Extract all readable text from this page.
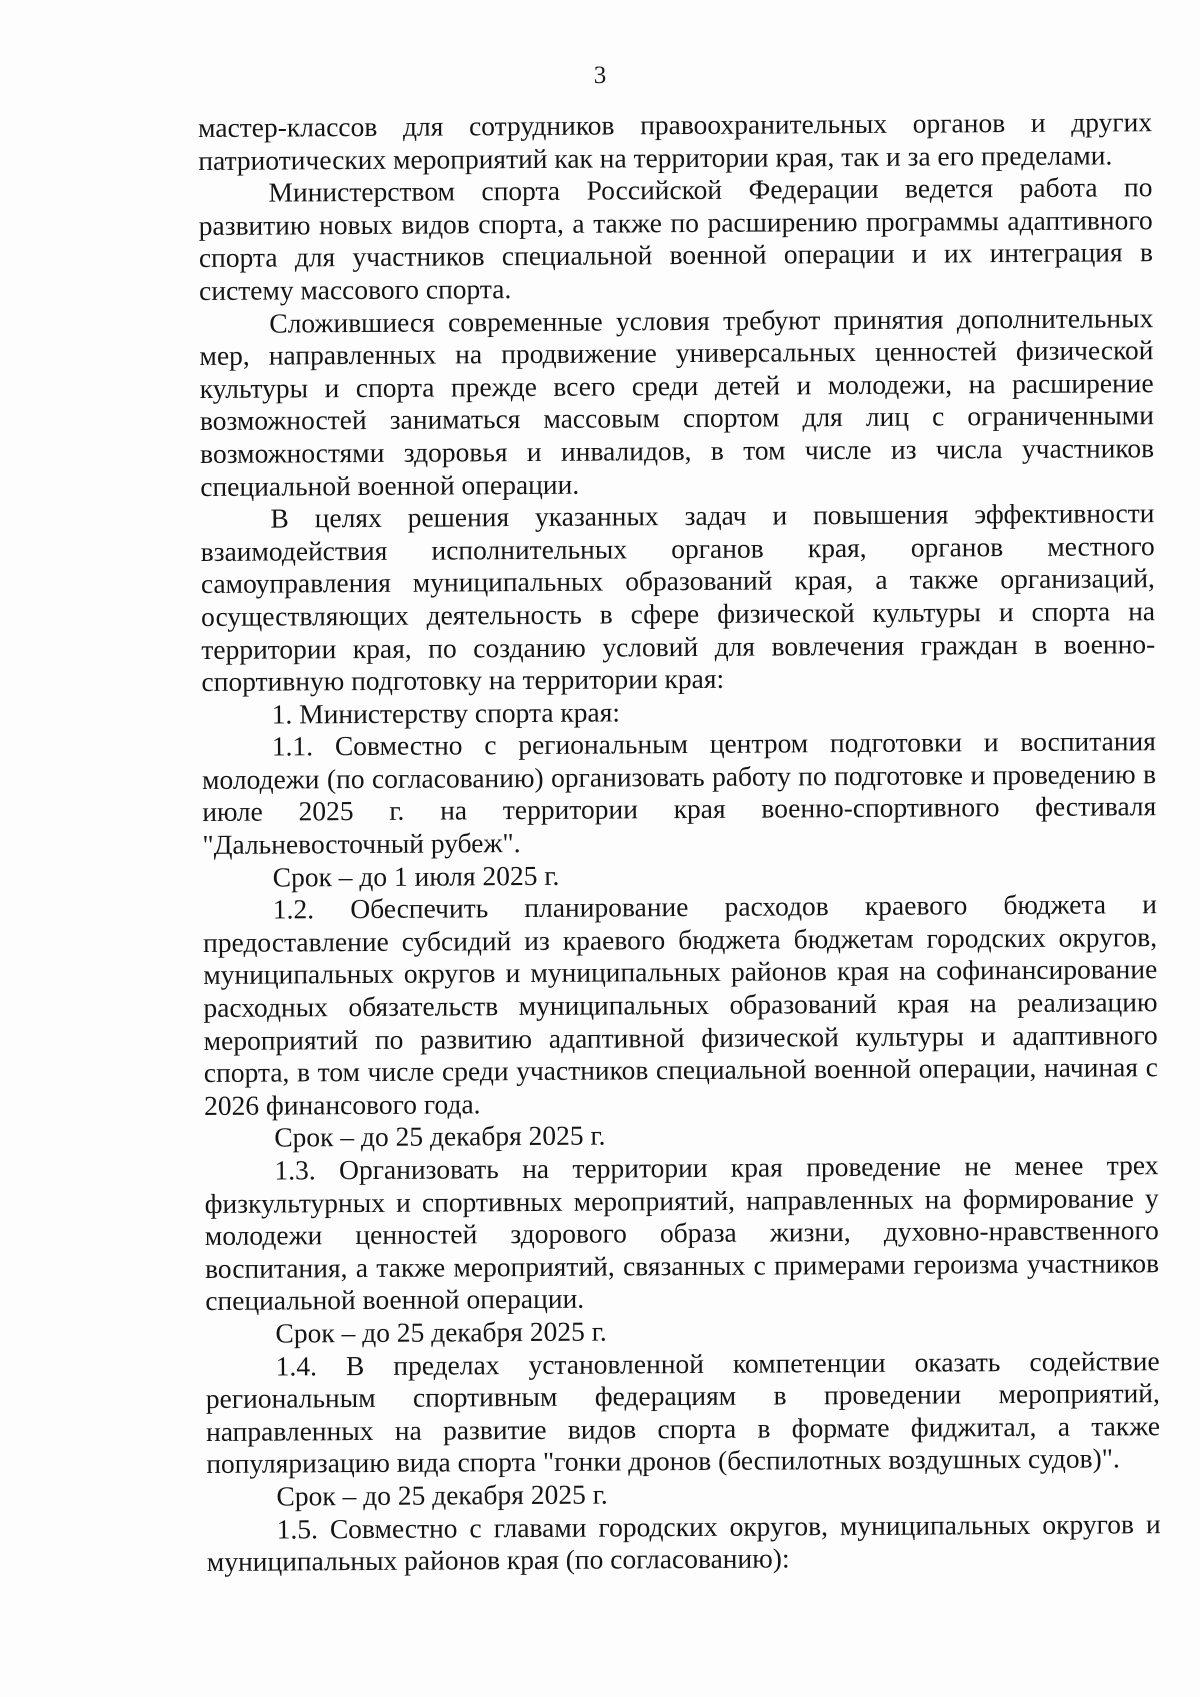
3

мастер-классов для сотрудников правоохранительных органов и других патриотических мероприятий как на территории края, так и за его пределами.

Министерством спорта Российской Федерации ведется работа по развитию новых видов спорта, а также по расширению программы адаптивного спорта для участников специальной военной операции и их интеграция в систему массового спорта.

Сложившиеся современные условия требуют принятия дополнительных мер, направленных на продвижение универсальных ценностей физической культуры и спорта прежде всего среди детей и молодежи, на расширение возможностей заниматься массовым спортом для лиц с ограниченными возможностями здоровья и инвалидов, в том числе из числа участников специальной военной операции.

В целях решения указанных задач и повышения эффективности взаимодействия исполнительных органов края, органов местного самоуправления муниципальных образований края, а также организаций, осуществляющих деятельность в сфере физической культуры и спорта на территории края, по созданию условий для вовлечения граждан в военно-спортивную подготовку на территории края:

1. Министерству спорта края:

1.1. Совместно с региональным центром подготовки и воспитания молодежи (по согласованию) организовать работу по подготовке и проведению в июле 2025 г. на территории края военно-спортивного фестиваля "Дальневосточный рубеж".

Срок – до 1 июля 2025 г.

1.2. Обеспечить планирование расходов краевого бюджета и предоставление субсидий из краевого бюджета бюджетам городских округов, муниципальных округов и муниципальных районов края на софинансирование расходных обязательств муниципальных образований края на реализацию мероприятий по развитию адаптивной физической культуры и адаптивного спорта, в том числе среди участников специальной военной операции, начиная с 2026 финансового года.

Срок – до 25 декабря 2025 г.

1.3. Организовать на территории края проведение не менее трех физкультурных и спортивных мероприятий, направленных на формирование у молодежи ценностей здорового образа жизни, духовно-нравственного воспитания, а также мероприятий, связанных с примерами героизма участников специальной военной операции.

Срок – до 25 декабря 2025 г.

1.4. В пределах установленной компетенции оказать содействие региональным спортивным федерациям в проведении мероприятий, направленных на развитие видов спорта в формате фиджитал, а также популяризацию вида спорта "гонки дронов (беспилотных воздушных судов)".

Срок – до 25 декабря 2025 г.

1.5. Совместно с главами городских округов, муниципальных округов и муниципальных районов края (по согласованию):
